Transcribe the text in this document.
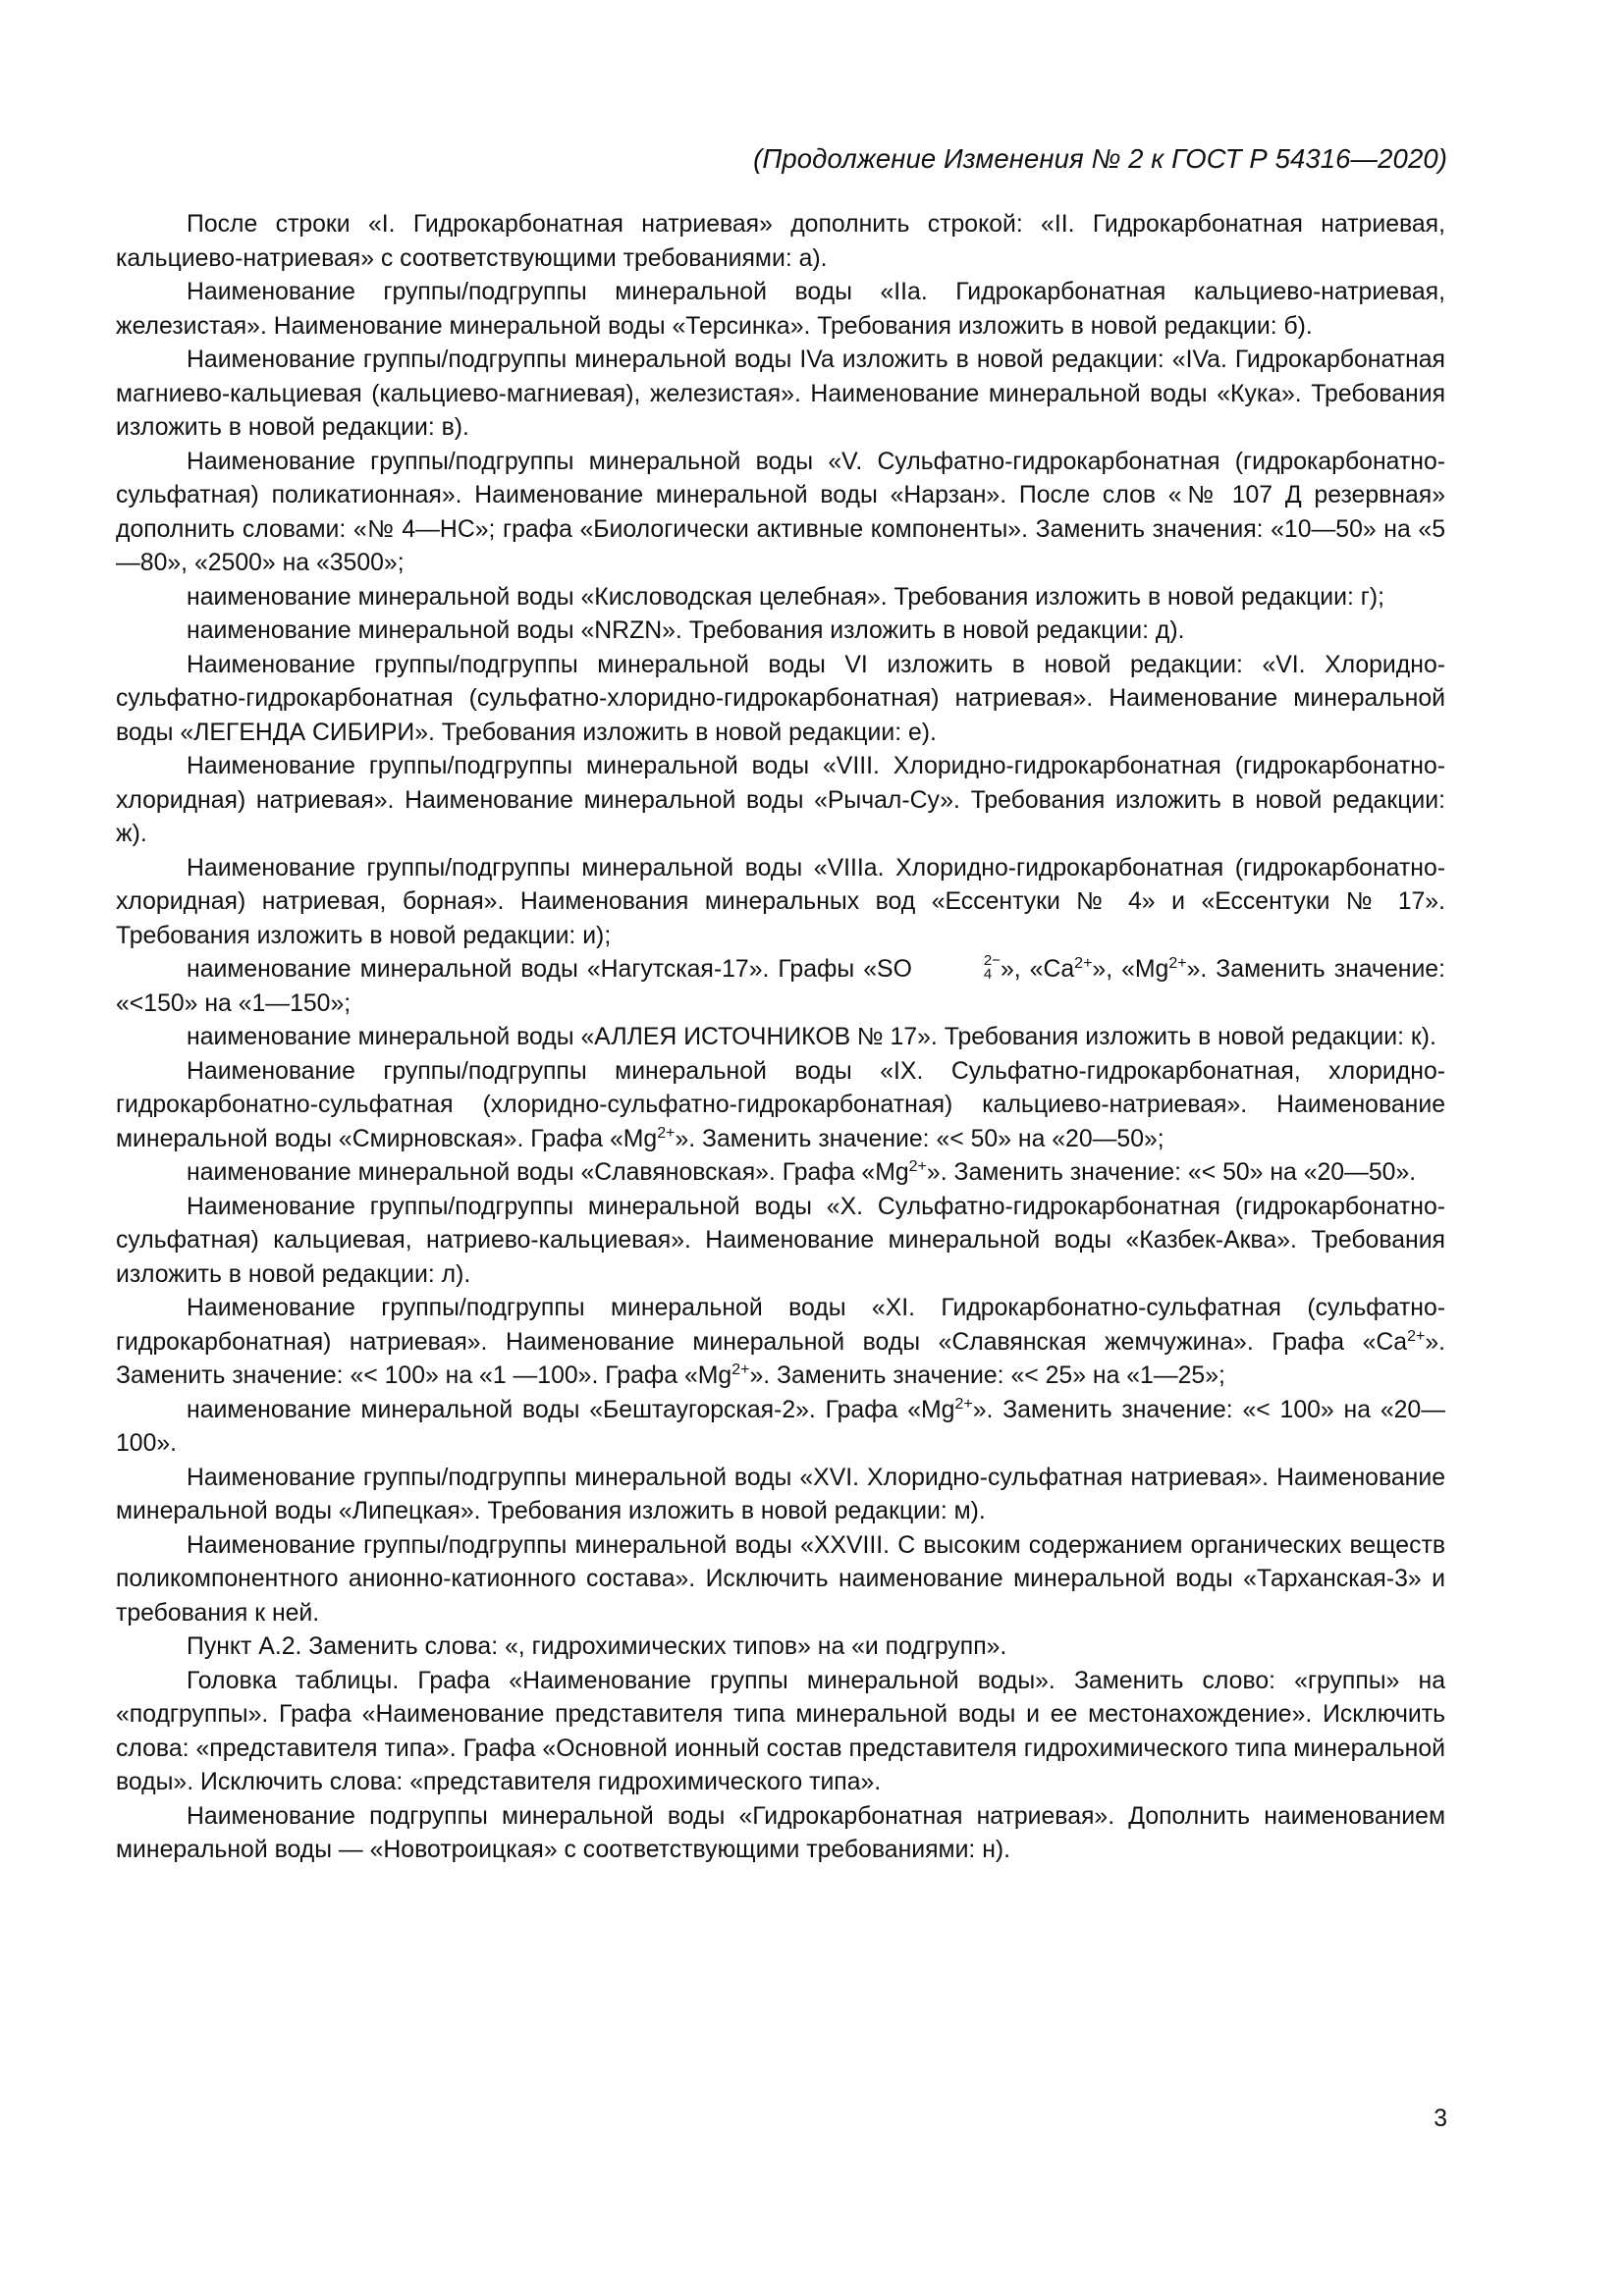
(Продолжение Изменения № 2 к ГОСТ Р 54316—2020)

После строки «I. Гидрокарбонатная натриевая» дополнить строкой: «II. Гидрокарбонатная натриевая, кальциево-натриевая» с соответствующими требованиями: а).

Наименование группы/подгруппы минеральной воды «IIa. Гидрокарбонатная кальциево-натриевая, железистая». Наименование минеральной воды «Терсинка». Требования изложить в новой редакции: б).

Наименование группы/подгруппы минеральной воды IVa изложить в новой редакции: «IVa. Гидрокарбонатная магниево-кальциевая (кальциево-магниевая), железистая». Наименование минеральной воды «Кука». Требования изложить в новой редакции: в).

Наименование группы/подгруппы минеральной воды «V. Сульфатно-гидрокарбонатная (гидрокарбонатно-сульфатная) поликатионная». Наименование минеральной воды «Нарзан». После слов «№ 107 Д резервная» дополнить словами: «№ 4—НС»; графа «Биологически активные компоненты». Заменить значения: «10—50» на «5—80», «2500» на «3500»;

наименование минеральной воды «Кисловодская целебная». Требования изложить в новой редакции: г);

наименование минеральной воды «NRZN». Требования изложить в новой редакции: д).

Наименование группы/подгруппы минеральной воды VI изложить в новой редакции: «VI. Хлоридно-сульфатно-гидрокарбонатная (сульфатно-хлоридно-гидрокарбонатная) натриевая». Наименование минеральной воды «ЛЕГЕНДА СИБИРИ». Требования изложить в новой редакции: е).

Наименование группы/подгруппы минеральной воды «VIII. Хлоридно-гидрокарбонатная (гидрокарбонатно-хлоридная) натриевая». Наименование минеральной воды «Рычал-Су». Требования изложить в новой редакции: ж).

Наименование группы/подгруппы минеральной воды «VIIIa. Хлоридно-гидрокарбонатная (гидрокарбонатно-хлоридная) натриевая, борная». Наименования минеральных вод «Ессентуки № 4» и «Ессентуки № 17». Требования изложить в новой редакции: и);

наименование минеральной воды «Нагутская-17». Графы «SO	2−
4 », «$Ca^{2+}$», «$Mg^{2+}$». Заменить значение: «<150» на «1—150»;

наименование минеральной воды «АЛЛЕЯ ИСТОЧНИКОВ № 17». Требования изложить в новой редакции: к).

Наименование группы/подгруппы минеральной воды «IX. Сульфатно-гидрокарбонатная, хлоридно-гидрокарбонатно-сульфатная (хлоридно-сульфатно-гидрокарбонатная) кальциево-натриевая». Наименование минеральной воды «Смирновская». Графа «$Mg^{2+}$». Заменить значение: «< 50» на «20—50»;

наименование минеральной воды «Славяновская». Графа «$Mg^{2+}$». Заменить значение: «< 50» на «20—50».

Наименование группы/подгруппы минеральной воды «X. Сульфатно-гидрокарбонатная (гидрокарбонатно-сульфатная) кальциевая, натриево-кальциевая». Наименование минеральной воды «Казбек-Аква». Требования изложить в новой редакции: л).

Наименование группы/подгруппы минеральной воды «XI. Гидрокарбонатно-сульфатная (сульфатно-гидрокарбонатная) натриевая». Наименование минеральной воды «Славянская жемчужина». Графа «$Ca^{2+}$». Заменить значение: «< 100» на «1 —100». Графа «$Mg^{2+}$». Заменить значение: «< 25» на «1—25»;

наименование минеральной воды «Бештаугорская-2». Графа «$Mg^{2+}$». Заменить значение: «< 100» на «20—100».

Наименование группы/подгруппы минеральной воды «XVI. Хлоридно-сульфатная натриевая». Наименование минеральной воды «Липецкая». Требования изложить в новой редакции: м).

Наименование группы/подгруппы минеральной воды «XXVIII. С высоким содержанием органических веществ поликомпонентного анионно-катионного состава». Исключить наименование минеральной воды «Тарханская-3» и требования к ней.

Пункт А.2. Заменить слова: «, гидрохимических типов» на «и подгрупп».

Головка таблицы. Графа «Наименование группы минеральной воды». Заменить слово: «группы» на «подгруппы». Графа «Наименование представителя типа минеральной воды и ее местонахождение». Исключить слова: «представителя типа». Графа «Основной ионный состав представителя гидрохимического типа минеральной воды». Исключить слова: «представителя гидрохимического типа».

Наименование подгруппы минеральной воды «Гидрокарбонатная натриевая». Дополнить наименованием минеральной воды — «Новотроицкая» с соответствующими требованиями: н).

3
